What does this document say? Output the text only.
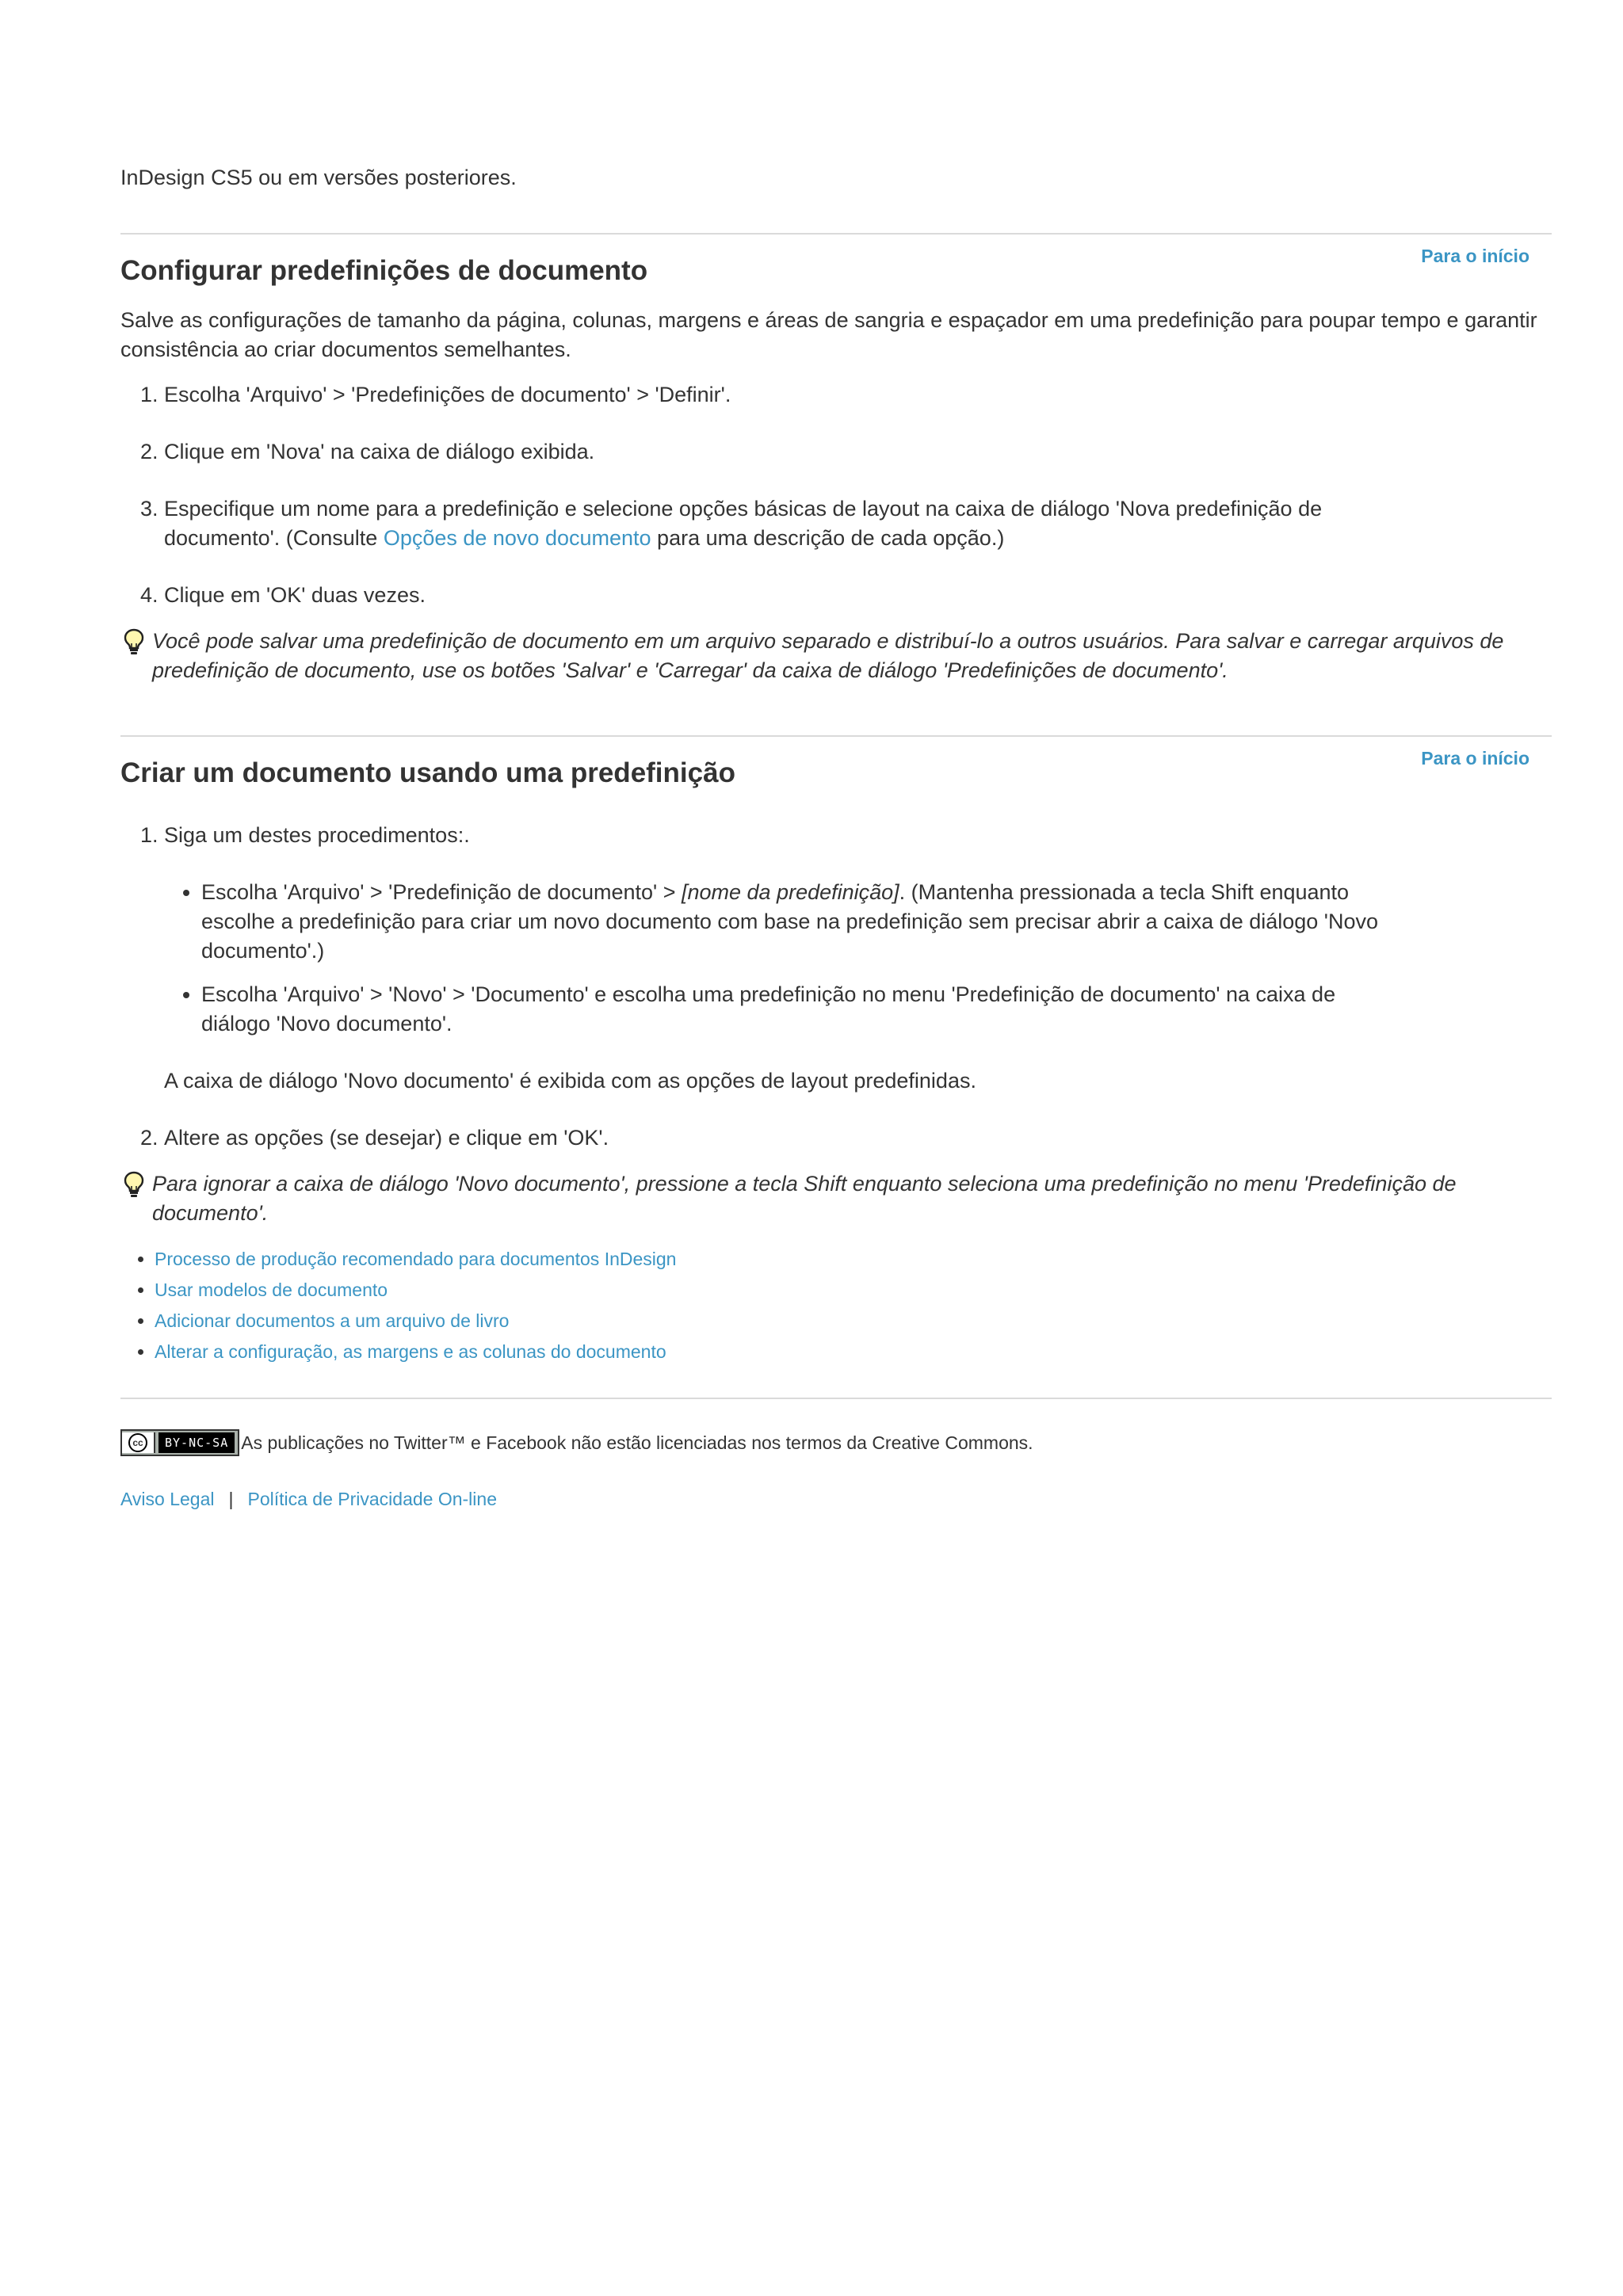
InDesign CS5 ou em versões posteriores.

Para o início
Configurar predefinições de documento

Salve as configurações de tamanho da página, colunas, margens e áreas de sangria e espaçador em uma predefinição para poupar tempo e garantir consistência ao criar documentos semelhantes.

1. Escolha 'Arquivo' > 'Predefinições de documento' > 'Definir'.
2. Clique em 'Nova' na caixa de diálogo exibida.
3. Especifique um nome para a predefinição e selecione opções básicas de layout na caixa de diálogo 'Nova predefinição de documento'. (Consulte Opções de novo documento para uma descrição de cada opção.)
4. Clique em 'OK' duas vezes.

Você pode salvar uma predefinição de documento em um arquivo separado e distribuí-lo a outros usuários. Para salvar e carregar arquivos de predefinição de documento, use os botões 'Salvar' e 'Carregar' da caixa de diálogo 'Predefinições de documento'.

Para o início
Criar um documento usando uma predefinição
1. Siga um destes procedimentos:.
• Escolha 'Arquivo' > 'Predefinição de documento' > [nome da predefinição]. (Mantenha pressionada a tecla Shift enquanto escolhe a predefinição para criar um novo documento com base na predefinição sem precisar abrir a caixa de diálogo 'Novo documento'.)
• Escolha 'Arquivo' > 'Novo' > 'Documento' e escolha uma predefinição no menu 'Predefinição de documento' na caixa de diálogo 'Novo documento'.

A caixa de diálogo 'Novo documento' é exibida com as opções de layout predefinidas.

2. Altere as opções (se desejar) e clique em 'OK'.

Para ignorar a caixa de diálogo 'Novo documento', pressione a tecla Shift enquanto seleciona uma predefinição no menu 'Predefinição de documento'.

• Processo de produção recomendado para documentos InDesign
• Usar modelos de documento
• Adicionar documentos a um arquivo de livro
• Alterar a configuração, as margens e as colunas do documento
cc	BY-NC-SA As publicações no Twitter™ e Facebook não estão licenciadas nos termos da Creative Commons.

Aviso Legal | Política de Privacidade On-line
